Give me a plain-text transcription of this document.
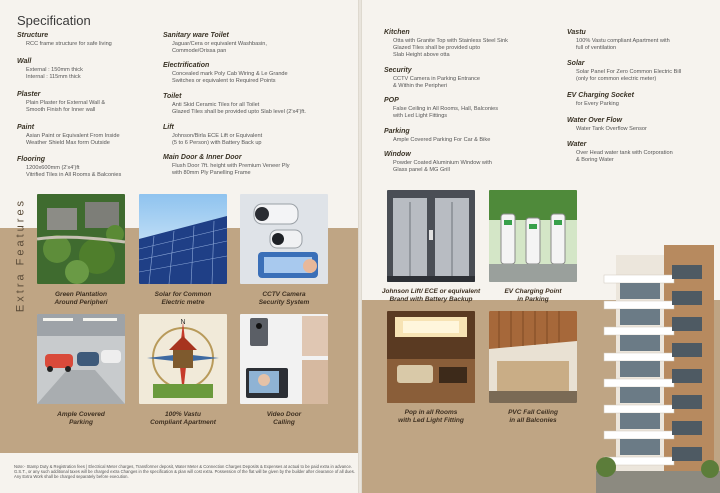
Specification
Structure

RCC frame structure for safe living

Wall

External : 150mm thick
Internal : 115mm thick

Plaster

Plain Plaster for External Wall &
Smooth Finish for Inner wall

Paint

Asian Paint or Equivalent From Inside
Weather Shield Max form Outside

Flooring

1200x600mm (2'x4')ft
Vitrified Tiles in All Rooms & Balconies

Sanitary ware Toilet

Jaguar/Cera or equivalent Washbasin,
Commode/Orissa pan

Electrification

Concealed mark Poly Cab Wiring & Le Grande
Switches or equivalent to Required Points

Toilet

Anti Skid Ceramic Tiles for all Toilet
Glazed Tiles shall be provided upto Slab level (2'x4')ft.

Lift

Johnson/Birla ECE Lift or Equivalent
(5 to 6 Person) with Battery Back up

Main Door & Inner Door

Flush Door 7ft. height with Premium Veneer Ply
with 80mm Ply Panelling Frame

Extra Features	Green Plantation
Around Peripheri
Solar for Common
Electric metre
CCTV Camera
Security System
Ample Covered
Parking
N
100% Vastu
Compliant Apartment
Video Door
Calling
Note:- Stamp Duty & Registration fees | Electrical Meter charges, Transformer deposit, Water Meter & Connection Charges Deposits & Expenses at actual to be paid extra in advance. G.S.T., or any such additional taxes will be charged extra Changes in the specification & plan will cost extra. Possession of the flat will be given by the builder after clearance of all dues. Any Extra Work shall be charged separately before execution.
Kitchen

Otta with Granite Top with Stainless Steel Sink
Glazed Tiles shall be provided upto
Slab Height above otta

Security

CCTV Camera in Parking Entrance
& Within the Peripheri

POP

False Ceiling in All Rooms, Hall, Balconies
with Led Light Fittings

Parking

Ample Covered Parking For Car & Bike

Window

Powder Coated Aluminium Window with
Glass panel & MG Grill

Vastu

100% Vastu compliant Apartment with
full of ventilation

Solar

Solar Panel For Zero Common Electric Bill
(only for common electric meter)

EV Charging Socket

for Every Parking

Water Over Flow

Water Tank Overflow Sensor

Water

Over Head water tank with Corporation
& Boring Water

Johnson Lift/ ECE or equivalent
Brand with Battery Backup
EV Charging Point
in Parking
Pop in all Rooms
with Led Light Fitting
PVC Fall Ceiling
in all Balconies
